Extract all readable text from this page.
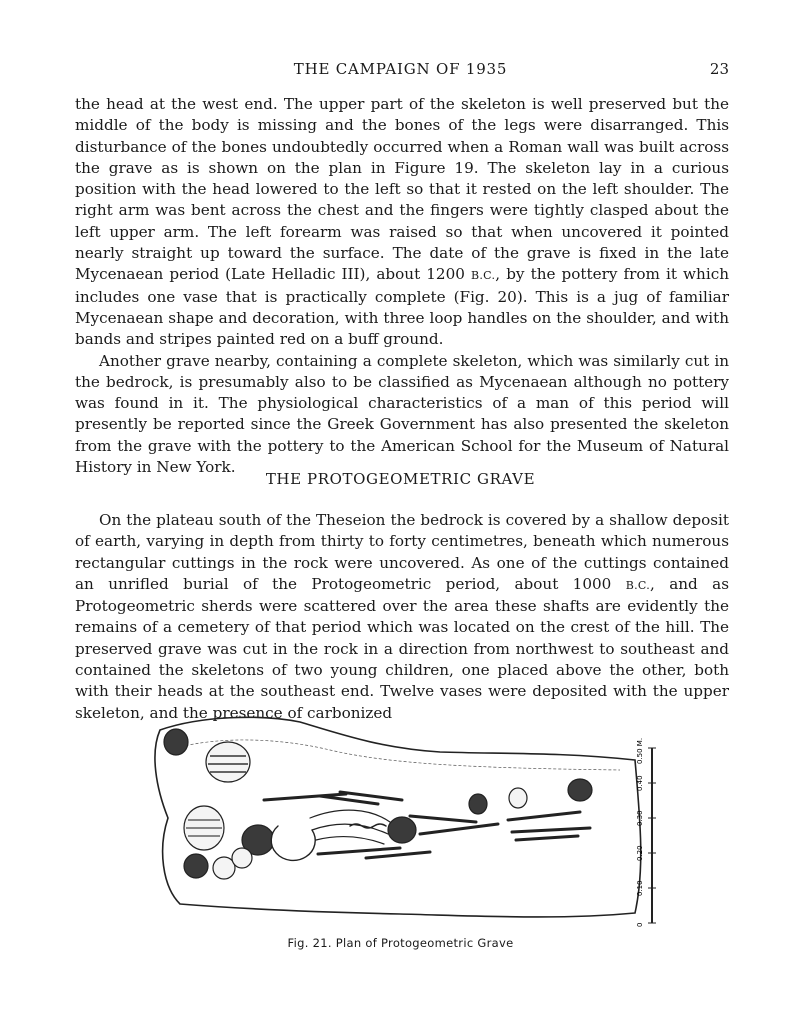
THE CAMPAIGN OF 1935	23

the head at the west end. The upper part of the skeleton is well preserved but the middle of the body is missing and the bones of the legs were disarranged. This disturbance of the bones undoubtedly occurred when a Roman wall was built across the grave as is shown on the plan in Figure 19. The skeleton lay in a curious position with the head lowered to the left so that it rested on the left shoulder. The right arm was bent across the chest and the fingers were tightly clasped about the left upper arm. The left forearm was raised so that when uncovered it pointed nearly straight up toward the surface. The date of the grave is fixed in the late Mycenaean period (Late Helladic III), about 1200 B.C., by the pottery from it which includes one vase that is practically complete (Fig. 20). This is a jug of familiar Mycenaean shape and decoration, with three loop handles on the shoulder, and with bands and stripes painted red on a buff ground.

Another grave nearby, containing a complete skeleton, which was similarly cut in the bedrock, is presumably also to be classified as Mycenaean although no pottery was found in it. The physiological characteristics of a man of this period will presently be reported since the Greek Government has also presented the skeleton from the grave with the pottery to the American School for the Museum of Natural History in New York.

THE PROTOGEOMETRIC GRAVE

On the plateau south of the Theseion the bedrock is covered by a shallow deposit of earth, varying in depth from thirty to forty centimetres, beneath which numerous rectangular cuttings in the rock were uncovered. As one of the cuttings contained an unrifled burial of the Protogeometric period, about 1000 B.C., and as Protogeometric sherds were scattered over the area these shafts are evidently the remains of a cemetery of that period which was located on the crest of the hill. The preserved grave was cut in the rock in a direction from northwest to southeast and contained the skeletons of two young children, one placed above the other, both with their heads at the southeast end. Twelve vases were deposited with the upper skeleton, and the presence of carbonized

0
0.10
0.20
0.30
0.40
0.50 M.
Fig. 21. Plan of Protogeometric Grave
